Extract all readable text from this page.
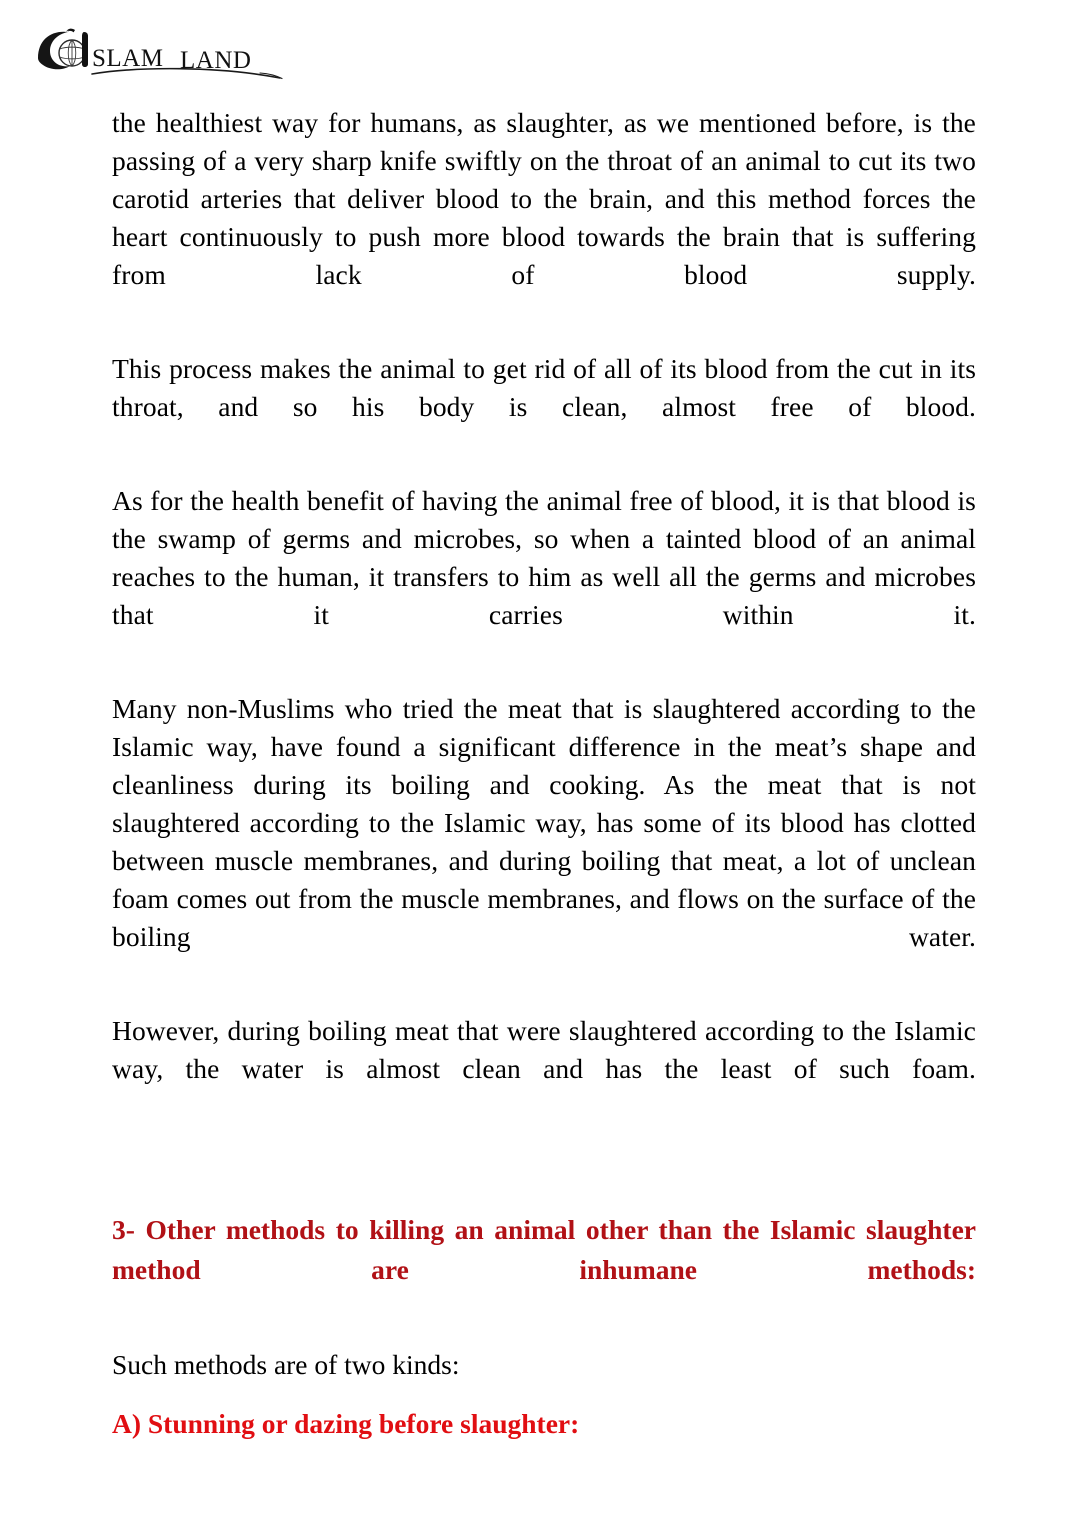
SLAM LAND

the healthiest way for humans, as slaughter, as we mentioned before, is the passing of a very sharp knife swiftly on the throat of an animal to cut its two carotid arteries that deliver blood to the brain, and this method forces the heart continuously to push more blood towards the brain that is suffering from lack of blood supply.

This process makes the animal to get rid of all of its blood from the cut in its throat, and so his body is clean, almost free of blood.

As for the health benefit of having the animal free of blood, it is that blood is the swamp of germs and microbes, so when a tainted blood of an animal reaches to the human, it transfers to him as well all the germs and microbes that it carries within it.

Many non-Muslims who tried the meat that is slaughtered according to the Islamic way, have found a significant difference in the meat’s shape and cleanliness during its boiling and cooking. As the meat that is not slaughtered according to the Islamic way, has some of its blood has clotted between muscle membranes, and during boiling that meat, a lot of unclean foam comes out from the muscle membranes, and flows on the surface of the boiling water.

However, during boiling meat that were slaughtered according to the Islamic way, the water is almost clean and has the least of such foam.

3- Other methods to killing an animal other than the Islamic slaughter method are inhumane methods:

Such methods are of two kinds:

A) Stunning or dazing before slaughter:
